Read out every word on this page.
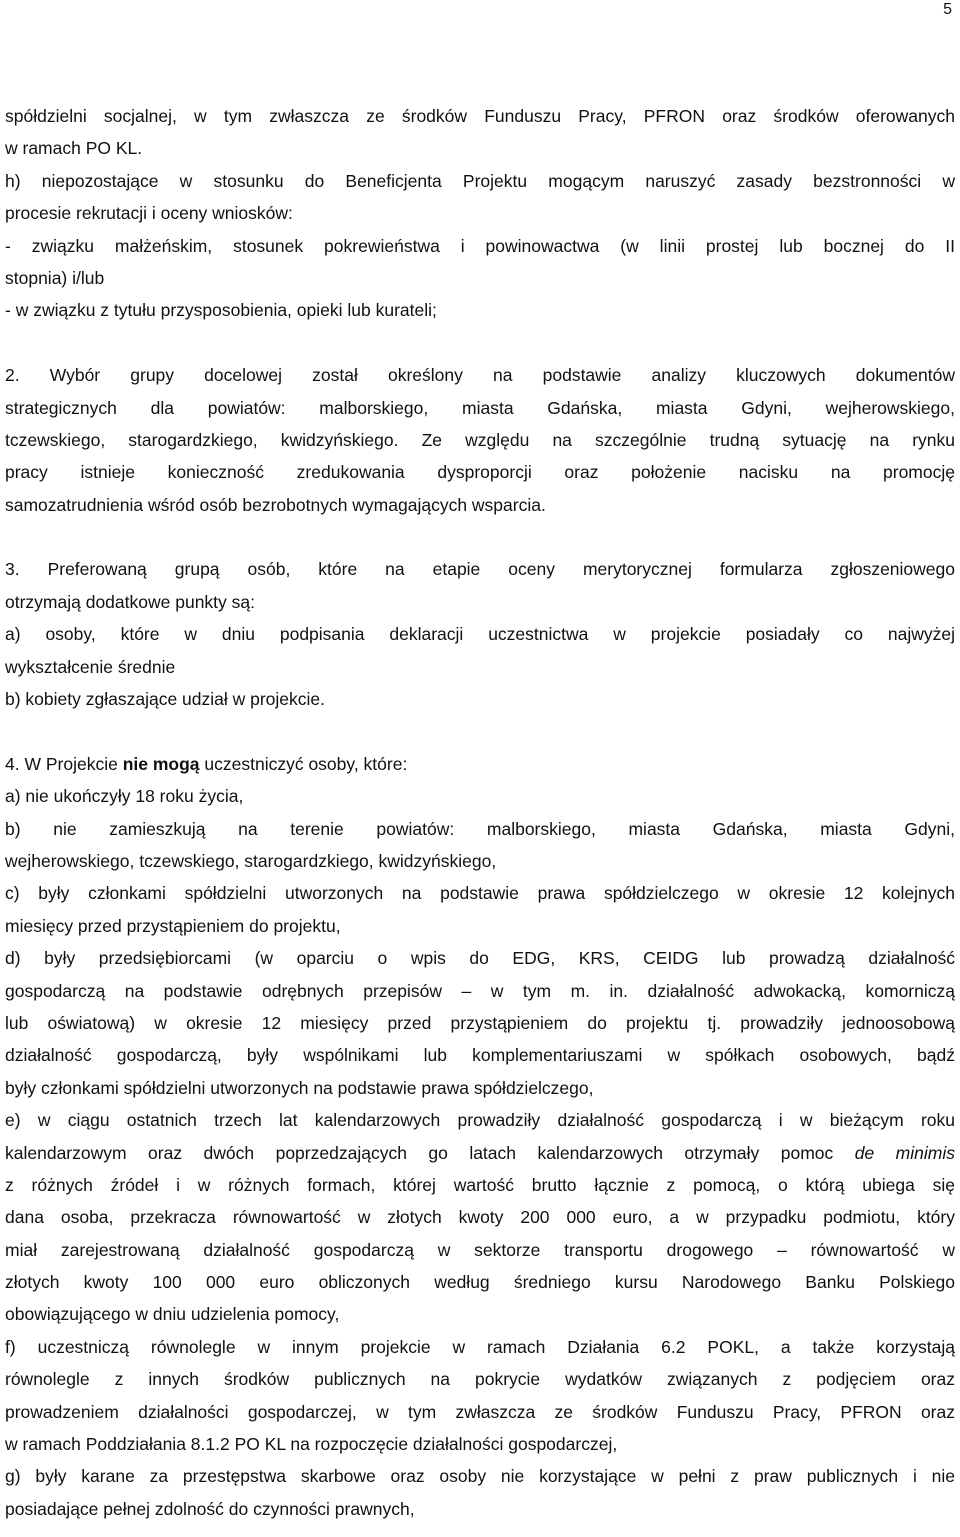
5
spółdzielni socjalnej, w tym zwłaszcza ze środków Funduszu Pracy, PFRON oraz środków oferowanych
w ramach PO KL.
h) niepozostające w stosunku do Beneficjenta Projektu mogącym naruszyć zasady bezstronności w
procesie rekrutacji i oceny wniosków:
- związku małżeńskim, stosunek pokrewieństwa i powinowactwa (w linii prostej lub bocznej do II
stopnia) i/lub
- w związku z tytułu przysposobienia, opieki lub kurateli;
2. Wybór grupy docelowej został określony na podstawie analizy kluczowych dokumentów
strategicznych dla powiatów: malborskiego, miasta Gdańska, miasta Gdyni, wejherowskiego,
tczewskiego, starogardzkiego, kwidzyńskiego. Ze względu na szczególnie trudną sytuację na rynku
pracy istnieje konieczność zredukowania dysproporcji oraz położenie nacisku na promocję
samozatrudnienia wśród osób bezrobotnych wymagających wsparcia.
3. Preferowaną grupą osób, które na etapie oceny merytorycznej formularza zgłoszeniowego
otrzymają dodatkowe punkty są:
a) osoby, które w dniu podpisania deklaracji uczestnictwa w projekcie posiadały co najwyżej
wykształcenie średnie
b) kobiety zgłaszające udział w projekcie.
4. W Projekcie nie mogą uczestniczyć osoby, które:
a) nie ukończyły 18 roku życia,
b) nie zamieszkują na terenie powiatów: malborskiego, miasta Gdańska, miasta Gdyni,
wejherowskiego, tczewskiego, starogardzkiego, kwidzyńskiego,
c) były członkami spółdzielni utworzonych na podstawie prawa spółdzielczego w okresie 12 kolejnych
miesięcy przed przystąpieniem do projektu,
d) były przedsiębiorcami (w oparciu o wpis do EDG, KRS, CEIDG lub prowadzą działalność
gospodarczą na podstawie odrębnych przepisów – w tym m. in. działalność adwokacką, komorniczą
lub oświatową) w okresie 12 miesięcy przed przystąpieniem do projektu tj. prowadziły jednoosobową
działalność gospodarczą, były wspólnikami lub komplementariuszami w spółkach osobowych, bądź
były członkami spółdzielni utworzonych na podstawie prawa spółdzielczego,
e) w ciągu ostatnich trzech lat kalendarzowych prowadziły działalność gospodarczą i w bieżącym roku
kalendarzowym oraz dwóch poprzedzających go latach kalendarzowych otrzymały pomoc de minimis
z różnych źródeł i w różnych formach, której wartość brutto łącznie z pomocą, o którą ubiega się
dana osoba, przekracza równowartość w złotych kwoty 200 000 euro, a w przypadku podmiotu, który
miał zarejestrowaną działalność gospodarczą w sektorze transportu drogowego – równowartość w
złotych kwoty 100 000 euro obliczonych według średniego kursu Narodowego Banku Polskiego
obowiązującego w dniu udzielenia pomocy,
f) uczestniczą równolegle w innym projekcie w ramach Działania 6.2 POKL, a także korzystają
równolegle z innych środków publicznych na pokrycie wydatków związanych z podjęciem oraz
prowadzeniem działalności gospodarczej, w tym zwłaszcza ze środków Funduszu Pracy, PFRON oraz
w ramach Poddziałania 8.1.2 PO KL na rozpoczęcie działalności gospodarczej,
g) były karane za przestępstwa skarbowe oraz osoby nie korzystające w pełni z praw publicznych i nie
posiadające pełnej zdolność do czynności prawnych,
